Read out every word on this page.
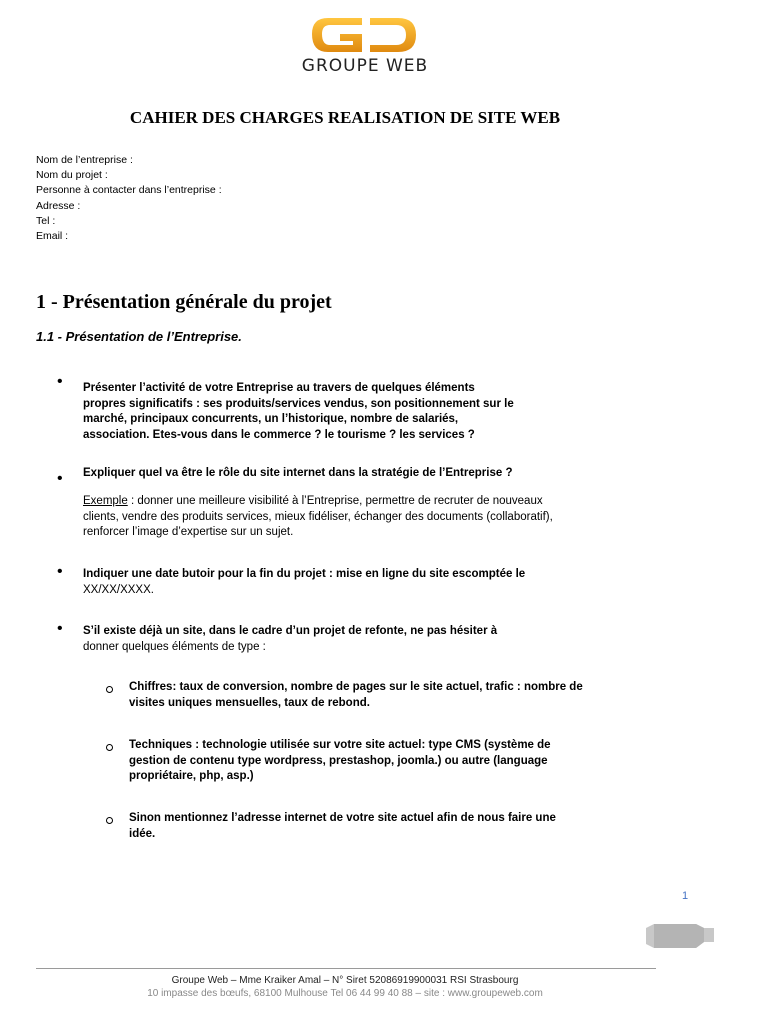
GROUPE WEB
CAHIER DES CHARGES REALISATION DE SITE WEB
Nom de l’entreprise :
Nom du projet :
Personne à contacter dans l’entreprise :
Adresse :
Tel :
Email :
1 - Présentation générale du projet
1.1 - Présentation de l’Entreprise.
• Présenter l’activité de votre Entreprise au travers de quelques éléments
propres significatifs : ses produits/services vendus, son positionnement sur le
marché, principaux concurrents, un l’historique, nombre de salariés,
association. Etes-vous dans le commerce ? le tourisme ? les services ?
• Expliquer quel va être le rôle du site internet dans la stratégie de l’Entreprise ?
Exemple : donner une meilleure visibilité à l’Entreprise, permettre de recruter de nouveaux
clients, vendre des produits services, mieux fidéliser, échanger des documents (collaboratif),
renforcer l’image d’expertise sur un sujet.
• Indiquer une date butoir pour la fin du projet : mise en ligne du site escomptée le
XX/XX/XXXX.
• S’il existe déjà un site, dans le cadre d’un projet de refonte, ne pas hésiter à
donner quelques éléments de type :
Chiffres: taux de conversion, nombre de pages sur le site actuel, trafic : nombre de
visites uniques mensuelles, taux de rebond.
Techniques : technologie utilisée sur votre site actuel: type CMS (système de
gestion de contenu type wordpress, prestashop, joomla.) ou autre (language
propriétaire, php, asp.)
Sinon mentionnez l’adresse internet de votre site actuel afin de nous faire une
idée.
1
Groupe Web – Mme Kraiker Amal – N° Siret 52086919900031 RSI Strasbourg
10 impasse des bœufs, 68100 Mulhouse Tel 06 44 99 40 88 – site : www.groupeweb.com
